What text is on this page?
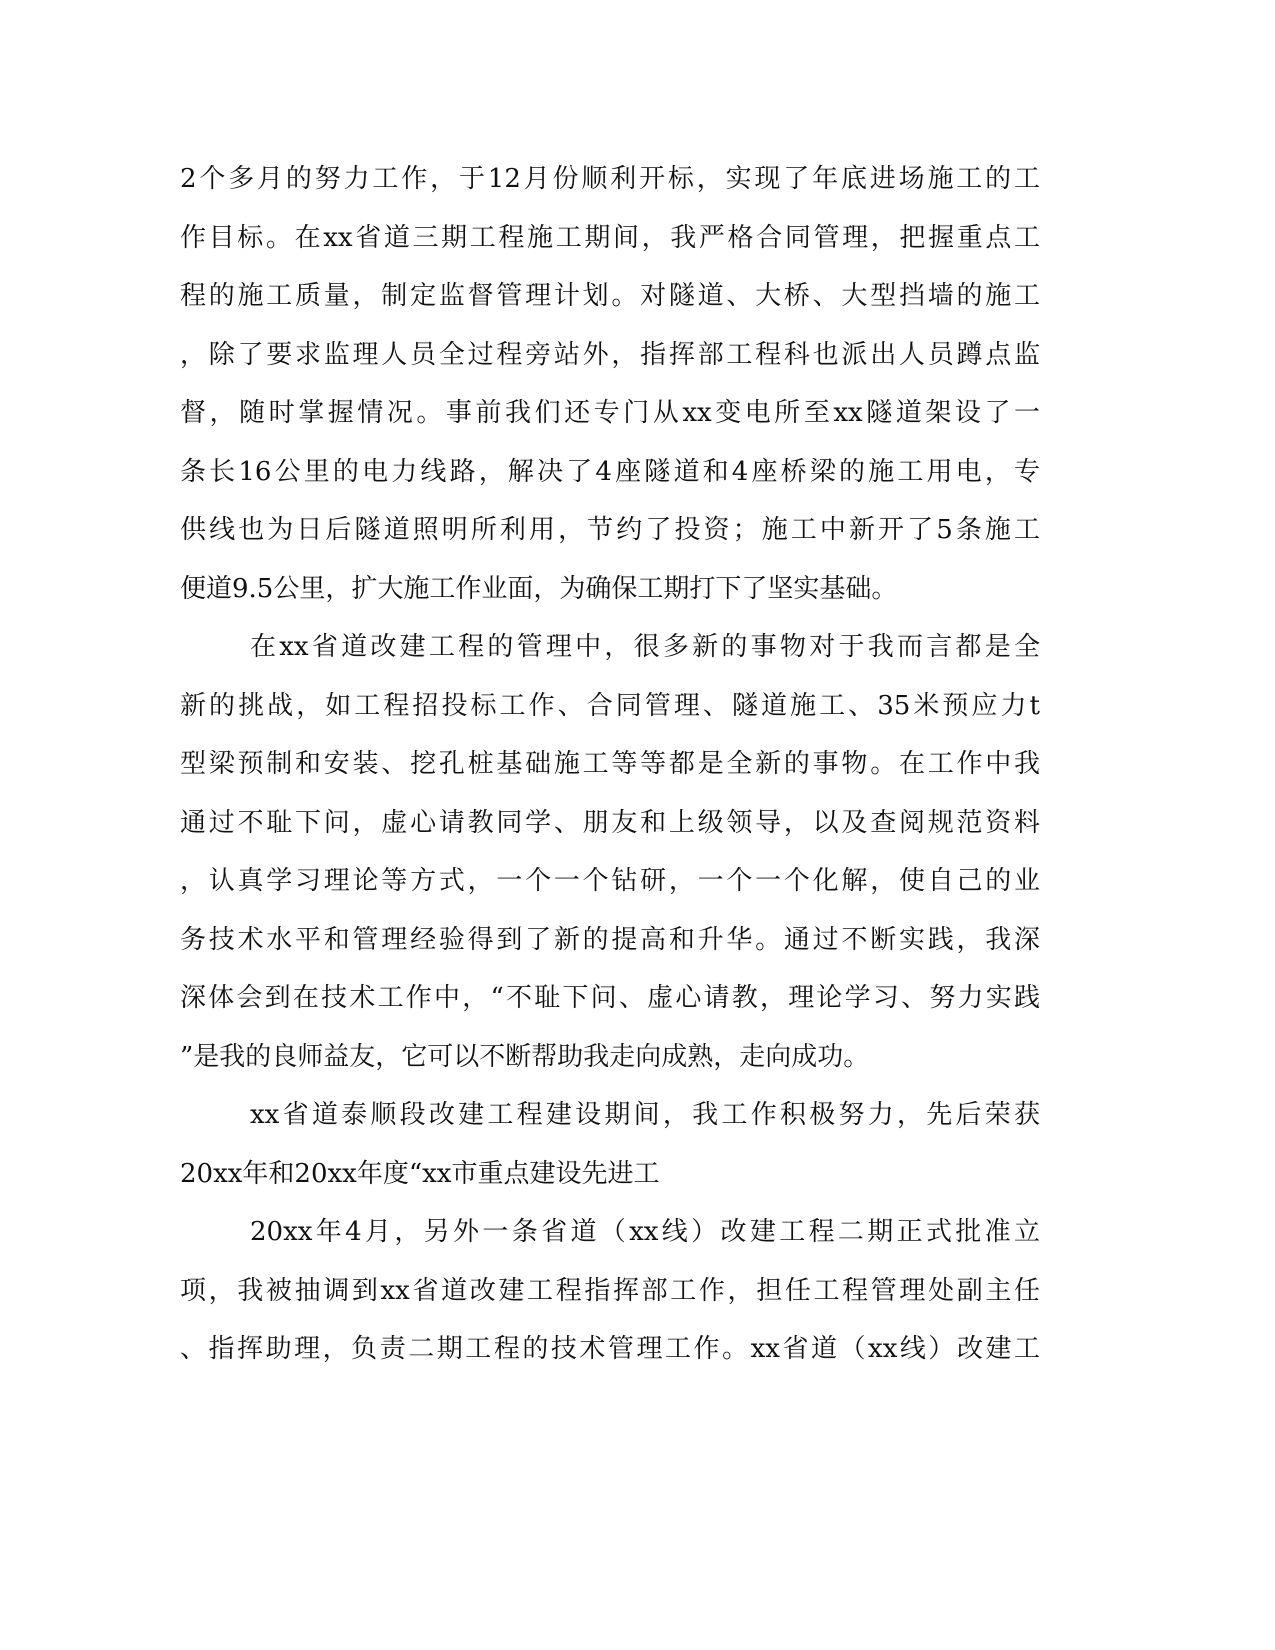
2个多月的努力工作，于12月份顺利开标，实现了年底进场施工的工
作目标。在xx省道三期工程施工期间，我严格合同管理，把握重点工
程的施工质量，制定监督管理计划。对隧道、大桥、大型挡墙的施工
，除了要求监理人员全过程旁站外，指挥部工程科也派出人员蹲点监
督，随时掌握情况。事前我们还专门从xx变电所至xx隧道架设了一
条长16公里的电力线路，解决了4座隧道和4座桥梁的施工用电，专
供线也为日后隧道照明所利用，节约了投资；施工中新开了5条施工
便道9.5公里，扩大施工作业面，为确保工期打下了坚实基础。
在xx省道改建工程的管理中，很多新的事物对于我而言都是全
新的挑战，如工程招投标工作、合同管理、隧道施工、35米预应力t
型梁预制和安装、挖孔桩基础施工等等都是全新的事物。在工作中我
通过不耻下问，虚心请教同学、朋友和上级领导，以及查阅规范资料
，认真学习理论等方式，一个一个钻研，一个一个化解，使自己的业
务技术水平和管理经验得到了新的提高和升华。通过不断实践，我深
深体会到在技术工作中，“不耻下问、虚心请教，理论学习、努力实践
”是我的良师益友，它可以不断帮助我走向成熟，走向成功。
xx省道泰顺段改建工程建设期间，我工作积极努力，先后荣获
20xx年和20xx年度“xx市重点建设先进工
20xx年4月，另外一条省道（xx线）改建工程二期正式批准立
项，我被抽调到xx省道改建工程指挥部工作，担任工程管理处副主任
、指挥助理，负责二期工程的技术管理工作。xx省道（xx线）改建工
